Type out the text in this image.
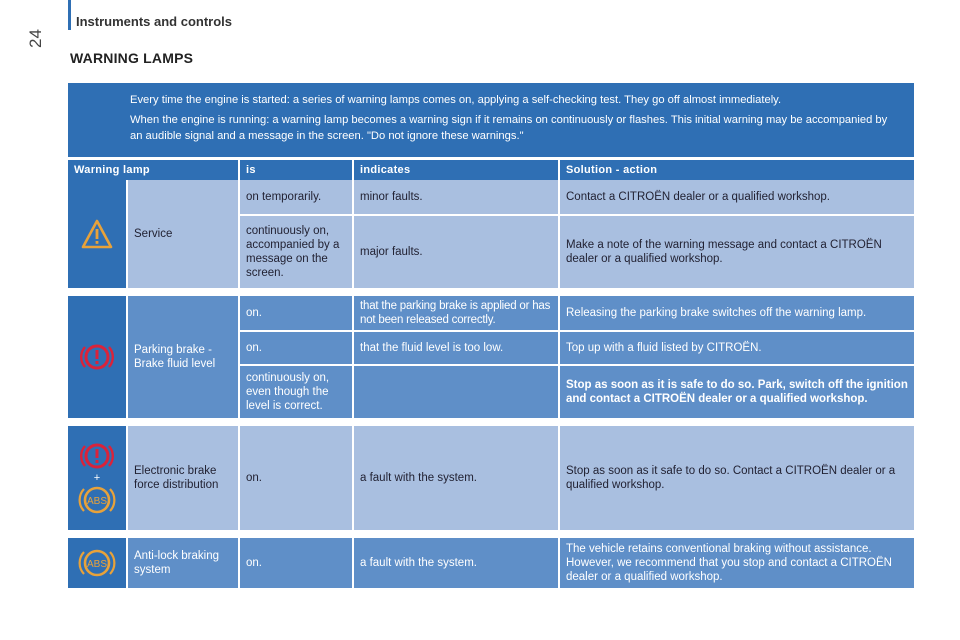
Instruments and controls
24
WARNING LAMPS

Every time the engine is started: a series of warning lamps comes on, applying a self-checking test. They go off almost immediately.

When the engine is running: a warning lamp becomes a warning sign if it remains on continuously or flashes. This initial warning may be accompanied by an audible signal and a message in the screen. "Do not ignore these warnings."

Warning lamp		is	indicates	Solution - action

	Service	on temporarily.	minor faults.	Contact a CITROËN dealer or a qualified workshop.
		continuously on, accompanied by a message on the screen.	major faults.	Make a note of the warning message and contact a CITROËN dealer or a qualified workshop.

	Parking brake - Brake fluid level	on.	that the parking brake is applied or has not been released correctly.	Releasing the parking brake switches off the warning lamp.
		on.	that the fluid level is too low.	Top up with a fluid listed by CITROËN.
		continuously on, even though the level is correct.		Stop as soon as it is safe to do so. Park, switch off the ignition and contact a CITROËN dealer or a qualified workshop.

+
ABS	Electronic brake force distribution	on.	a fault with the system.	Stop as soon as it safe to do so. Contact a CITROËN dealer or a qualified workshop.

ABS	Anti-lock braking system	on.	a fault with the system.	The vehicle retains conventional braking without assistance. However, we recommend that you stop and contact a CITROËN dealer or a qualified workshop.
